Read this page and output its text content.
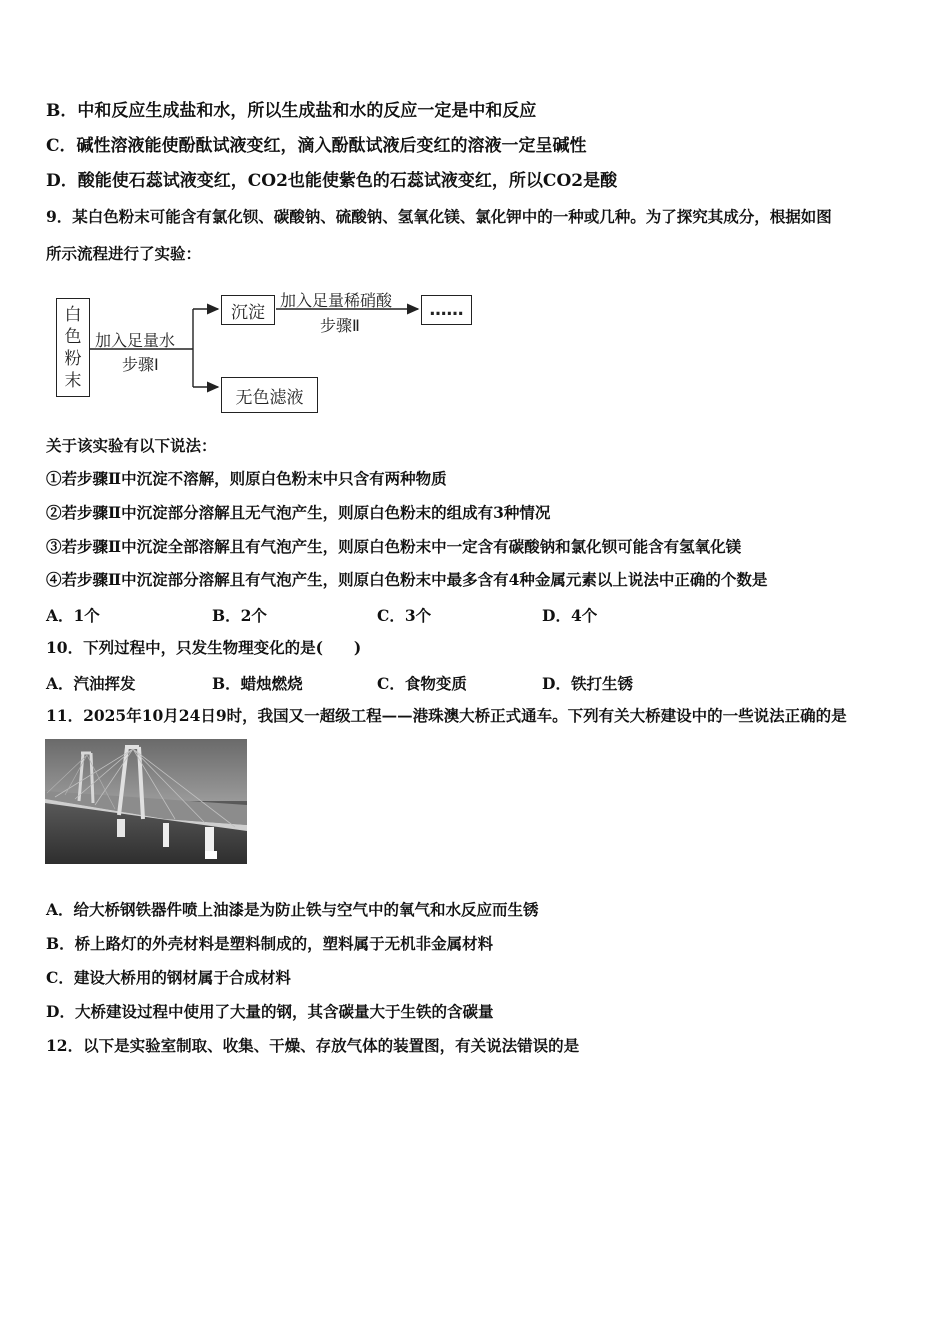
B．中和反应生成盐和水，所以生成盐和水的反应一定是中和反应
C．碱性溶液能使酚酞试液变红，滴入酚酞试液后变红的溶液一定呈碱性
D．酸能使石蕊试液变红，CO2也能使紫色的石蕊试液变红，所以CO2是酸
9．某白色粉末可能含有氯化钡、碳酸钠、硫酸钠、氢氧化镁、氯化钾中的一种或几种。为了探究其成分，根据如图
所示流程进行了实验：
白
色
粉
末
加入足量水
步骤Ⅰ
沉淀
加入足量稀硝酸
步骤Ⅱ
……
无色滤液
关于该实验有以下说法：
①若步骤Ⅱ中沉淀不溶解，则原白色粉末中只含有两种物质
②若步骤Ⅱ中沉淀部分溶解且无气泡产生，则原白色粉末的组成有3种情况
③若步骤Ⅱ中沉淀全部溶解且有气泡产生，则原白色粉末中一定含有碳酸钠和氯化钡可能含有氢氧化镁
④若步骤Ⅱ中沉淀部分溶解且有气泡产生，则原白色粉末中最多含有4种金属元素以上说法中正确的个数是
A．1个	B．2个	C．3个	D．4个
10．下列过程中，只发生物理变化的是(　　)
A．汽油挥发	B．蜡烛燃烧	C．食物变质	D．铁打生锈
11．2025年10月24日9时，我国又一超级工程——港珠澳大桥正式通车。下列有关大桥建设中的一些说法正确的是
A．给大桥钢铁器件喷上油漆是为防止铁与空气中的氧气和水反应而生锈
B．桥上路灯的外壳材料是塑料制成的，塑料属于无机非金属材料
C．建设大桥用的钢材属于合成材料
D．大桥建设过程中使用了大量的钢，其含碳量大于生铁的含碳量
12．以下是实验室制取、收集、干燥、存放气体的装置图，有关说法错误的是
